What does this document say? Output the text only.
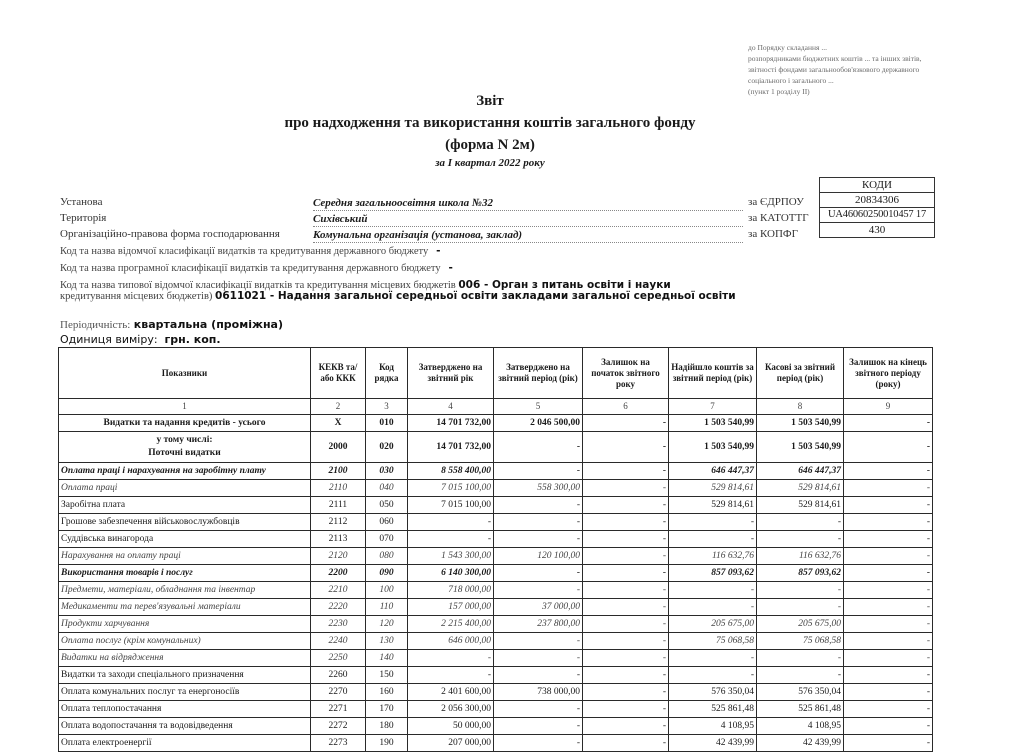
до Порядку складання ...
розпорядниками бюджетних коштів ... та інших звітів,
звітності фондами загальнообов'язкового державного
соціального і загального ...
(пункт 1 розділу II)
Звіт
про надходження та використання коштів загального фонду
(форма N 2м)
за I квартал 2022 року
Установа	Середня загальноосвітня школа №32
Територія	Сихівський
Організаційно-правова форма господарювання	Комунальна організація (установа, заклад)
за ЄДРПОУ
за КАТОТТГ
за КОПФГ
КОДИ
20834306
UA46060250010457 17
430
Код та назва відомчої класифікації видатків та кредитування державного бюджету -
Код та назва програмної класифікації видатків та кредитування державного бюджету -
Код та назва типової відомчої класифікації видатків та кредитування місцевих бюджетів 006 - Орган з питань освіти і науки
кредитування місцевих бюджетів) 0611021 - Надання загальної середньої освіти закладами загальної середньої освіти
Періодичність: квартальна (проміжна)
Одиниця виміру: грн. коп.
Показники	КЕКВ та/або ККК	Код рядка	Затверджено на звітний рік	Затверджено на звітний період (рік)	Залишок на початок звітного року	Надійшло коштів за звітний період (рік)	Касові за звітний період (рік)	Залишок на кінець звітного періоду (року)
1	2	3	4	5	6	7	8	9
Видатки та надання кредитів - усього	X	010	14 701 732,00	2 046 500,00	-	1 503 540,99	1 503 540,99	-

у тому числі:
Поточні видатки	2000	020	14 701 732,00	-	-	1 503 540,99	1 503 540,99	-
Оплата праці і нарахування на заробітну плату	2100	030	8 558 400,00	-	-	646 447,37	646 447,37	-
Оплата праці	2110	040	7 015 100,00	558 300,00	-	529 814,61	529 814,61	-
Заробітна плата	2111	050	7 015 100,00	-	-	529 814,61	529 814,61	-
Грошове забезпечення військовослужбовців	2112	060	-	-	-	-	-	-
Суддівська винагорода	2113	070	-	-	-	-	-	-
Нарахування на оплату праці	2120	080	1 543 300,00	120 100,00	-	116 632,76	116 632,76	-
Використання товарів і послуг	2200	090	6 140 300,00	-	-	857 093,62	857 093,62	-
Предмети, матеріали, обладнання та інвентар	2210	100	718 000,00	-	-	-	-	-
Медикаменти та перев'язувальні матеріали	2220	110	157 000,00	37 000,00	-	-	-	-
Продукти харчування	2230	120	2 215 400,00	237 800,00	-	205 675,00	205 675,00	-
Оплата послуг (крім комунальних)	2240	130	646 000,00	-	-	75 068,58	75 068,58	-
Видатки на відрядження	2250	140	-	-	-	-	-	-
Видатки та заходи спеціального призначення	2260	150	-	-	-	-	-	-
Оплата комунальних послуг та енергоносіїв	2270	160	2 401 600,00	738 000,00	-	576 350,04	576 350,04	-
Оплата теплопостачання	2271	170	2 056 300,00	-	-	525 861,48	525 861,48	-
Оплата водопостачання та водовідведення	2272	180	50 000,00	-	-	4 108,95	4 108,95	-
Оплата електроенергії	2273	190	207 000,00	-	-	42 439,99	42 439,99	-
